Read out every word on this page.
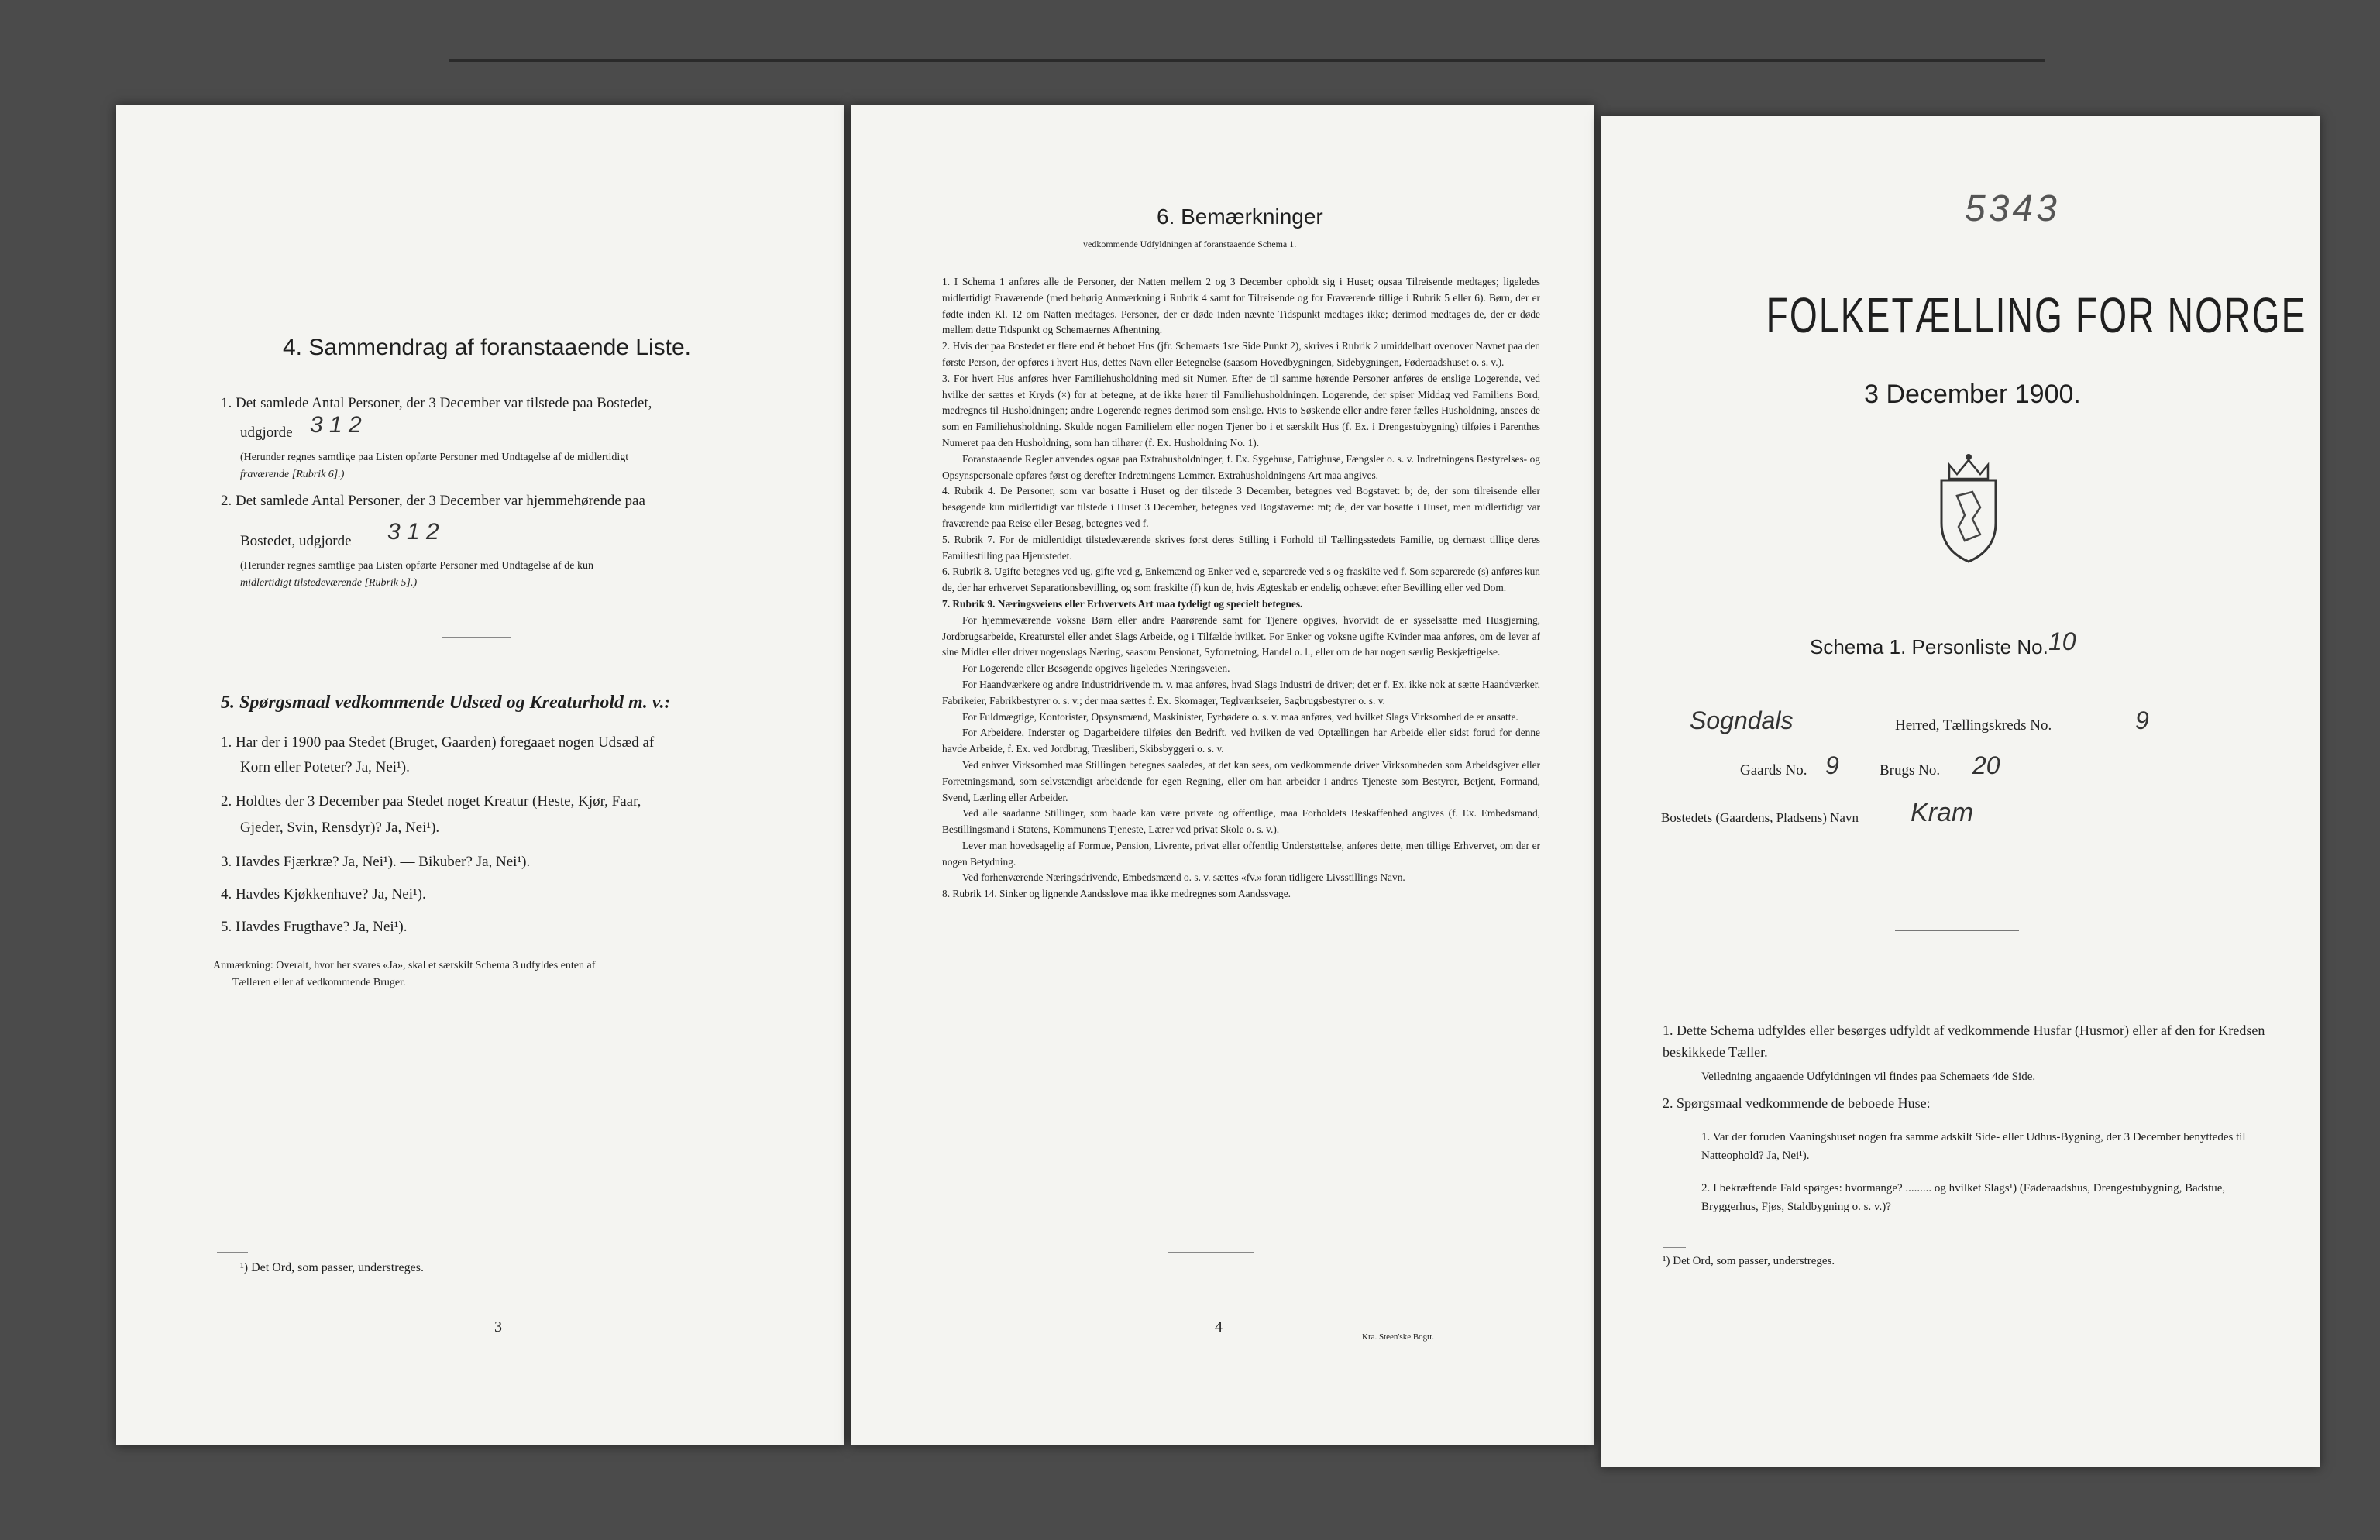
4. Sammendrag af foranstaaende Liste.
1. Det samlede Antal Personer, der 3 December var tilstede paa Bostedet,
udgjorde 3 1 2
(Herunder regnes samtlige paa Listen opførte Personer med Undtagelse af de midlertidigt
fraværende [Rubrik 6].)
2. Det samlede Antal Personer, der 3 December var hjemmehørende paa
Bostedet, udgjorde 3 1 2
(Herunder regnes samtlige paa Listen opførte Personer med Undtagelse af de kun
midlertidigt tilstedeværende [Rubrik 5].)
5. Spørgsmaal vedkommende Udsæd og Kreaturhold m. v.:
1. Har der i 1900 paa Stedet (Bruget, Gaarden) foregaaet nogen Udsæd af
Korn eller Poteter? Ja, Nei¹).
2. Holdtes der 3 December paa Stedet noget Kreatur (Heste, Kjør, Faar,
Gjeder, Svin, Rensdyr)? Ja, Nei¹).
3. Havdes Fjærkræ? Ja, Nei¹). — Bikuber? Ja, Nei¹).
4. Havdes Kjøkkenhave? Ja, Nei¹).
5. Havdes Frugthave? Ja, Nei¹).
Anmærkning: Overalt, hvor her svares «Ja», skal et særskilt Schema 3 udfyldes enten af
Tælleren eller af vedkommende Bruger.
¹) Det Ord, som passer, understreges.
3
6. Bemærkninger
vedkommende Udfyldningen af foranstaaende Schema 1.

1. I Schema 1 anføres alle de Personer, der Natten mellem 2 og 3 December opholdt sig i Huset; ogsaa Tilreisende medtages; ligeledes midlertidigt Fraværende (med behørig Anmærkning i Rubrik 4 samt for Tilreisende og for Fraværende tillige i Rubrik 5 eller 6). Børn, der er fødte inden Kl. 12 om Natten medtages. Personer, der er døde inden nævnte Tidspunkt medtages ikke; derimod medtages de, der er døde mellem dette Tidspunkt og Schemaernes Afhentning.

2. Hvis der paa Bostedet er flere end ét beboet Hus (jfr. Schemaets 1ste Side Punkt 2), skrives i Rubrik 2 umiddelbart ovenover Navnet paa den første Person, der opføres i hvert Hus, dettes Navn eller Betegnelse (saasom Hovedbygningen, Sidebygningen, Føderaadshuset o. s. v.).

3. For hvert Hus anføres hver Familiehusholdning med sit Numer. Efter de til samme hørende Personer anføres de enslige Logerende, ved hvilke der sættes et Kryds (×) for at betegne, at de ikke hører til Familiehusholdningen. Logerende, der spiser Middag ved Familiens Bord, medregnes til Husholdningen; andre Logerende regnes derimod som enslige. Hvis to Søskende eller andre fører fælles Husholdning, ansees de som en Familiehusholdning. Skulde nogen Familielem eller nogen Tjener bo i et særskilt Hus (f. Ex. i Drengestubygning) tilføies i Parenthes Numeret paa den Husholdning, som han tilhører (f. Ex. Husholdning No. 1).

Foranstaaende Regler anvendes ogsaa paa Extrahusholdninger, f. Ex. Sygehuse, Fattighuse, Fængsler o. s. v. Indretningens Bestyrelses- og Opsynspersonale opføres først og derefter Indretningens Lemmer. Extrahusholdningens Art maa angives.

4. Rubrik 4. De Personer, som var bosatte i Huset og der tilstede 3 December, betegnes ved Bogstavet: b; de, der som tilreisende eller besøgende kun midlertidigt var tilstede i Huset 3 December, betegnes ved Bogstaverne: mt; de, der var bosatte i Huset, men midlertidigt var fraværende paa Reise eller Besøg, betegnes ved f.

5. Rubrik 7. For de midlertidigt tilstedeværende skrives først deres Stilling i Forhold til Tællingsstedets Familie, og dernæst tillige deres Familiestilling paa Hjemstedet.

6. Rubrik 8. Ugifte betegnes ved ug, gifte ved g, Enkemænd og Enker ved e, separerede ved s og fraskilte ved f. Som separerede (s) anføres kun de, der har erhvervet Separationsbevilling, og som fraskilte (f) kun de, hvis Ægteskab er endelig ophævet efter Bevilling eller ved Dom.

7. Rubrik 9. Næringsveiens eller Erhvervets Art maa tydeligt og specielt betegnes.

For hjemmeværende voksne Børn eller andre Paarørende samt for Tjenere opgives, hvorvidt de er sysselsatte med Husgjerning, Jordbrugsarbeide, Kreaturstel eller andet Slags Arbeide, og i Tilfælde hvilket. For Enker og voksne ugifte Kvinder maa anføres, om de lever af sine Midler eller driver nogenslags Næring, saasom Pensionat, Syforretning, Handel o. l., eller om de har nogen særlig Beskjæftigelse.

For Logerende eller Besøgende opgives ligeledes Næringsveien.

For Haandværkere og andre Industridrivende m. v. maa anføres, hvad Slags Industri de driver; det er f. Ex. ikke nok at sætte Haandværker, Fabrikeier, Fabrikbestyrer o. s. v.; der maa sættes f. Ex. Skomager, Teglværkseier, Sagbrugsbestyrer o. s. v.

For Fuldmægtige, Kontorister, Opsynsmænd, Maskinister, Fyrbødere o. s. v. maa anføres, ved hvilket Slags Virksomhed de er ansatte.

For Arbeidere, Inderster og Dagarbeidere tilføies den Bedrift, ved hvilken de ved Optællingen har Arbeide eller sidst forud for denne havde Arbeide, f. Ex. ved Jordbrug, Træsliberi, Skibsbyggeri o. s. v.

Ved enhver Virksomhed maa Stillingen betegnes saaledes, at det kan sees, om vedkommende driver Virksomheden som Arbeidsgiver eller Forretningsmand, som selvstændigt arbeidende for egen Regning, eller om han arbeider i andres Tjeneste som Bestyrer, Betjent, Formand, Svend, Lærling eller Arbeider.

Ved alle saadanne Stillinger, som baade kan være private og offentlige, maa Forholdets Beskaffenhed angives (f. Ex. Embedsmand, Bestillingsmand i Statens, Kommunens Tjeneste, Lærer ved privat Skole o. s. v.).

Lever man hovedsagelig af Formue, Pension, Livrente, privat eller offentlig Understøttelse, anføres dette, men tillige Erhvervet, om der er nogen Betydning.

Ved forhenværende Næringsdrivende, Embedsmænd o. s. v. sættes «fv.» foran tidligere Livsstillings Navn.

8. Rubrik 14. Sinker og lignende Aandssløve maa ikke medregnes som Aandssvage.

4
Kra. Steen'ske Bogtr.
5343
FOLKETÆLLING FOR NORGE
3 December 1900.
Schema 1. Personliste No. 10
Sogndals	Herred, Tællingskreds No.	9
Gaards No. 9	Brugs No. 20
Bostedets (Gaardens, Pladsens) Navn Kram
1. Dette Schema udfyldes eller besørges udfyldt af vedkommende Husfar (Husmor) eller af den for Kredsen beskikkede Tæller.
Veiledning angaaende Udfyldningen vil findes paa Schemaets 4de Side.
2. Spørgsmaal vedkommende de beboede Huse:
1. Var der foruden Vaaningshuset nogen fra samme adskilt Side- eller Udhus-Bygning, der 3 December benyttedes til Natteophold? Ja, Nei¹).
2. I bekræftende Fald spørges: hvormange? ......... og hvilket Slags¹) (Føderaadshus, Drengestubygning, Badstue, Bryggerhus, Fjøs, Staldbygning o. s. v.)?
¹) Det Ord, som passer, understreges.
